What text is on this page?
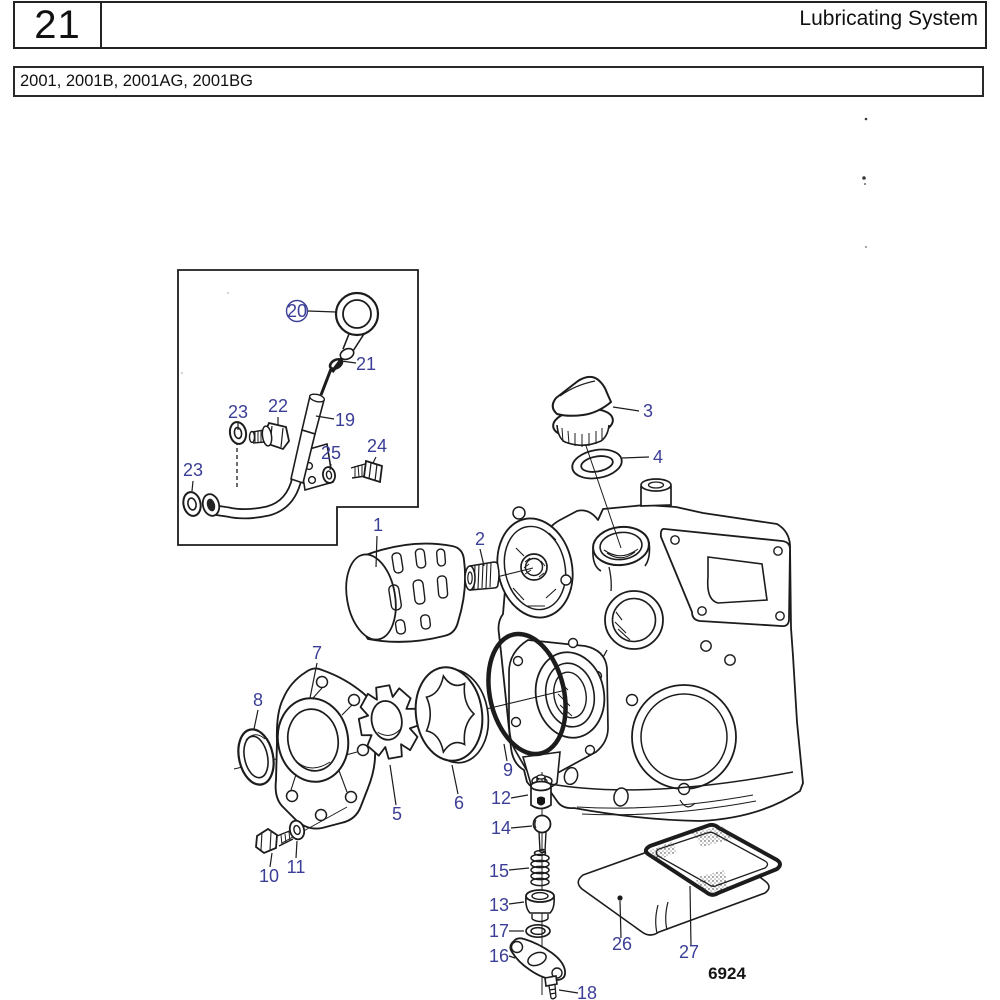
21	Lubricating System
2001, 2001B, 2001AG, 2001BG
20
21
19
22
23
23
24
25
1
2
3
4
7
8
5
6
9
10 11
12
14
15
13
17
16
18
26	27
6924
